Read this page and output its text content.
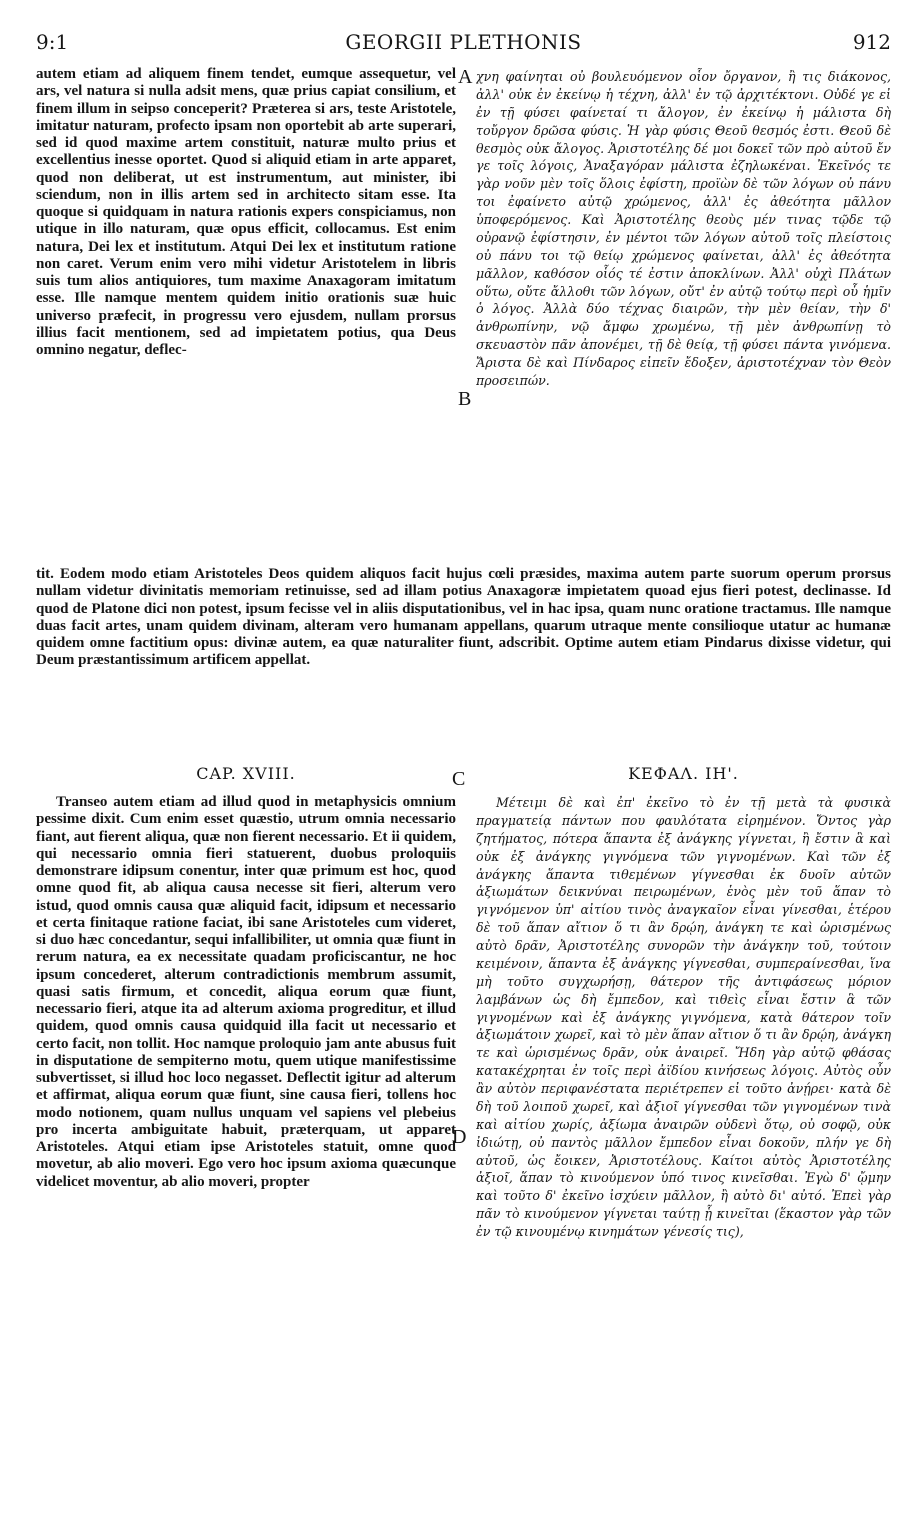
9:1	GEORGII PLETHONIS	912

autem etiam ad aliquem finem tendet, eumque assequetur, vel ars, vel natura si nulla adsit mens, quæ prius capiat consilium, et finem illum in seipso conceperit? Præterea si ars, teste Aristotele, imitatur naturam, profecto ipsam non oportebit ab arte superari, sed id quod maxime artem constituit, naturæ multo prius et excellentius inesse oportet. Quod si aliquid etiam in arte apparet, quod non deliberat, ut est instrumentum, aut minister, ibi sciendum, non in illis artem sed in architecto sitam esse. Ita quoque si quidquam in natura rationis expers conspiciamus, non utique in illo naturam, quæ opus efficit, collocamus. Est enim natura, Dei lex et institutum. Atqui Dei lex et institutum ratione non caret. Verum enim vero mihi videtur Aristotelem in libris suis tum alios antiquiores, tum maxime Anaxagoram imitatum esse. Ille namque mentem quidem initio orationis suæ huic universo præfecit, in progressu vero ejusdem, nullam prorsus illius facit mentionem, sed ad impietatem potius, qua Deus omnino negatur, deflec-

χνη φαίνηται οὐ βουλευόμενον οἷον ὄργανον, ἢ τις διάκονος, ἀλλ' οὐκ ἐν ἐκείνῳ ἡ τέχνη, ἀλλ' ἐν τῷ ἀρχιτέκτονι. Οὐδέ γε εἰ ἐν τῇ φύσει φαίνεταί τι ἄλογον, ἐν ἐκείνῳ ἡ μάλιστα δὴ τοὔργον δρῶσα φύσις. Ἡ γὰρ φύσις Θεοῦ θεσμός ἐστι. Θεοῦ δὲ θεσμὸς οὐκ ἄλογος. Ἀριστοτέλης δέ μοι δοκεῖ τῶν πρὸ αὑτοῦ ἔν γε τοῖς λόγοις, Ἀναξαγόραν μάλιστα ἐζηλωκέναι. Ἐκεῖνός τε γὰρ νοῦν μὲν τοῖς ὅλοις ἐφίστη, προϊὼν δὲ τῶν λόγων οὐ πάνυ τοι ἐφαίνετο αὐτῷ χρώμενος, ἀλλ' ἐς ἀθεότητα μᾶλλον ὑποφερόμενος. Καὶ Ἀριστοτέλης θεοὺς μέν τινας τῷδε τῷ οὐρανῷ ἐφίστησιν, ἐν μέντοι τῶν λόγων αὐτοῦ τοῖς πλείστοις οὐ πάνυ τοι τῷ θείῳ χρώμενος φαίνεται, ἀλλ' ἐς ἀθεότητα μᾶλλον, καθόσον οἷός τέ ἐστιν ἀποκλίνων. Ἀλλ' οὐχὶ Πλάτων οὕτω, οὔτε ἄλλοθι τῶν λόγων, οὔτ' ἐν αὐτῷ τούτῳ περὶ οὗ ἡμῖν ὁ λόγος. Ἀλλὰ δύο τέχνας διαιρῶν, τὴν μὲν θείαν, τὴν δ' ἀνθρωπίνην, νῷ ἄμφω χρωμένω, τῇ μὲν ἀνθρωπίνῃ τὸ σκευαστὸν πᾶν ἀπονέμει, τῇ δὲ θείᾳ, τῇ φύσει πάντα γινόμενα. Ἄριστα δὲ καὶ Πίνδαρος εἰπεῖν ἔδοξεν, ἀριστοτέχναν τὸν Θεὸν προσειπών.

A
B
tit. Eodem modo etiam Aristoteles Deos quidem aliquos facit hujus cœli præsides, maxima autem parte suorum operum prorsus nullam videtur divinitatis memoriam retinuisse, sed ad illam potius Anaxagoræ impietatem quoad ejus fieri potest, declinasse. Id quod de Platone dici non potest, ipsum fecisse vel in aliis disputationibus, vel in hac ipsa, quam nunc oratione tractamus. Ille namque duas facit artes, unam quidem divinam, alteram vero humanam appellans, quarum utraque mente consilioque utatur ac humanæ quidem omne factitium opus: divinæ autem, ea quæ naturaliter fiunt, adscribit. Optime autem etiam Pindarus dixisse videtur, qui Deum præstantissimum artificem appellat.
CAP. XVIII.	ΚΕΦΑΛ. ΙΗ'.
C
D

Transeo autem etiam ad illud quod in metaphysicis omnium pessime dixit. Cum enim esset quæstio, utrum omnia necessario fiant, aut fierent aliqua, quæ non fierent necessario. Et ii quidem, qui necessario omnia fieri statuerent, duobus proloquiis demonstrare idipsum conentur, inter quæ primum est hoc, quod omne quod fit, ab aliqua causa necesse sit fieri, alterum vero istud, quod omnis causa quæ aliquid facit, idipsum et necessario et certa finitaque ratione faciat, ibi sane Aristoteles cum videret, si duo hæc concedantur, sequi infallibiliter, ut omnia quæ fiunt in rerum natura, ea ex necessitate quadam proficiscantur, ne hoc ipsum concederet, alterum contradictionis membrum assumit, quasi satis firmum, et concedit, aliqua eorum quæ fiunt, necessario fieri, atque ita ad alterum axioma progreditur, et illud quidem, quod omnis causa quidquid illa facit ut necessario et certo facit, non tollit. Hoc namque proloquio jam ante abusus fuit in disputatione de sempiterno motu, quem utique manifestissime subvertisset, si illud hoc loco negasset. Deflectit igitur ad alterum et affirmat, aliqua eorum quæ fiunt, sine causa fieri, tollens hoc modo notionem, quam nullus unquam vel sapiens vel plebeius pro incerta ambiguitate habuit, præterquam, ut apparet Aristoteles. Atqui etiam ipse Aristoteles statuit, omne quod movetur, ab alio moveri. Ego vero hoc ipsum axioma quæcunque videlicet moventur, ab alio moveri, propter

Μέτειμι δὲ καὶ ἐπ' ἐκεῖνο τὸ ἐν τῇ μετὰ τὰ φυσικὰ πραγματείᾳ πάντων που φαυλότατα εἰρημένον. Ὄντος γὰρ ζητήματος, πότερα ἅπαντα ἐξ ἀνάγκης γίγνεται, ἢ ἔστιν ἃ καὶ οὐκ ἐξ ἀνάγκης γιγνόμενα τῶν γιγνομένων. Καὶ τῶν ἐξ ἀνάγκης ἅπαντα τιθεμένων γίγνεσθαι ἐκ δυοῖν αὐτῶν ἀξιωμάτων δεικνύναι πειρωμένων, ἑνὸς μὲν τοῦ ἅπαν τὸ γιγνόμενον ὑπ' αἰτίου τινὸς ἀναγκαῖον εἶναι γίνεσθαι, ἑτέρου δὲ τοῦ ἅπαν αἴτιον ὅ τι ἂν δρῴη, ἀνάγκη τε καὶ ὡρισμένως αὐτὸ δρᾶν, Ἀριστοτέλης συνορῶν τὴν ἀνάγκην τοῦ, τούτοιν κειμένοιν, ἅπαντα ἐξ ἀνάγκης γίγνεσθαι, συμπεραίνεσθαι, ἵνα μὴ τοῦτο συγχωρήσῃ, θάτερον τῆς ἀντιφάσεως μόριον λαμβάνων ὡς δὴ ἔμπεδον, καὶ τιθεὶς εἶναι ἔστιν ἃ τῶν γιγνομένων καὶ ἐξ ἀνάγκης γιγνόμενα, κατὰ θάτερον τοῖν ἀξιωμάτοιν χωρεῖ, καὶ τὸ μὲν ἅπαν αἴτιον ὅ τι ἂν δρῴη, ἀνάγκη τε καὶ ὡρισμένως δρᾶν, οὐκ ἀναιρεῖ. Ἤδη γὰρ αὐτῷ φθάσας κατακέχρηται ἐν τοῖς περὶ ἀϊδίου κινήσεως λόγοις. Αὐτὸς οὖν ἂν αὐτὸν περιφανέστατα περιέτρεπεν εἰ τοῦτο ἀνῄρει· κατὰ δὲ δὴ τοῦ λοιποῦ χωρεῖ, καὶ ἀξιοῖ γίγνεσθαι τῶν γιγνομένων τινὰ καὶ αἰτίου χωρίς, ἀξίωμα ἀναιρῶν οὐδενὶ ὅτῳ, οὐ σοφῷ, οὐκ ἰδιώτῃ, οὐ παντὸς μᾶλλον ἔμπεδον εἶναι δοκοῦν, πλήν γε δὴ αὐτοῦ, ὡς ἔοικεν, Ἀριστοτέλους. Καίτοι αὐτὸς Ἀριστοτέλης ἀξιοῖ, ἅπαν τὸ κινούμενον ὑπό τινος κινεῖσθαι. Ἐγὼ δ' ᾤμην καὶ τοῦτο δ' ἐκεῖνο ἰσχύειν μᾶλλον, ἢ αὐτὸ δι' αὐτό. Ἐπεὶ γὰρ πᾶν τὸ κινούμενον γίγνεται ταύτῃ ᾗ κινεῖται (ἕκαστον γὰρ τῶν ἐν τῷ κινουμένῳ κινημάτων γένεσίς τις),
